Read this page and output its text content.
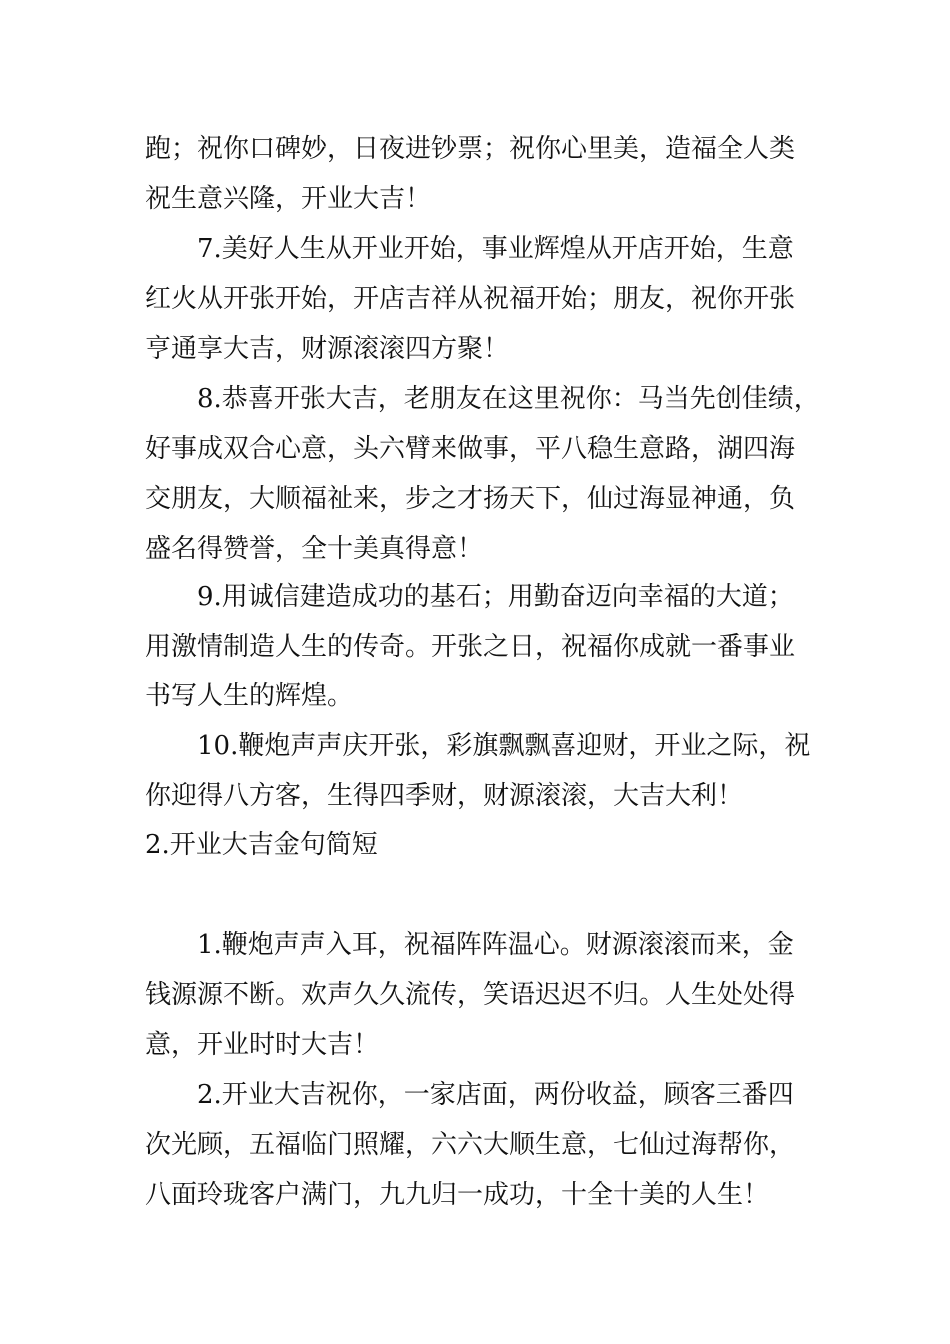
跑；祝你口碑妙，日夜进钞票；祝你心里美，造福全人类

祝生意兴隆，开业大吉！

7.美好人生从开业开始，事业辉煌从开店开始，生意

红火从开张开始，开店吉祥从祝福开始；朋友，祝你开张

亨通享大吉，财源滚滚四方聚！

8.恭喜开张大吉，老朋友在这里祝你：马当先创佳绩，

好事成双合心意，头六臂来做事，平八稳生意路，湖四海

交朋友，大顺福祉来，步之才扬天下，仙过海显神通，负

盛名得赞誉，全十美真得意！

9.用诚信建造成功的基石；用勤奋迈向幸福的大道；

用激情制造人生的传奇。开张之日，祝福你成就一番事业

书写人生的辉煌。

10.鞭炮声声庆开张，彩旗飘飘喜迎财，开业之际，祝

你迎得八方客，生得四季财，财源滚滚，大吉大利！

2.开业大吉金句简短

1.鞭炮声声入耳，祝福阵阵温心。财源滚滚而来，金

钱源源不断。欢声久久流传，笑语迟迟不归。人生处处得

意，开业时时大吉！

2.开业大吉祝你，一家店面，两份收益，顾客三番四

次光顾，五福临门照耀，六六大顺生意，七仙过海帮你，

八面玲珑客户满门，九九归一成功，十全十美的人生！
